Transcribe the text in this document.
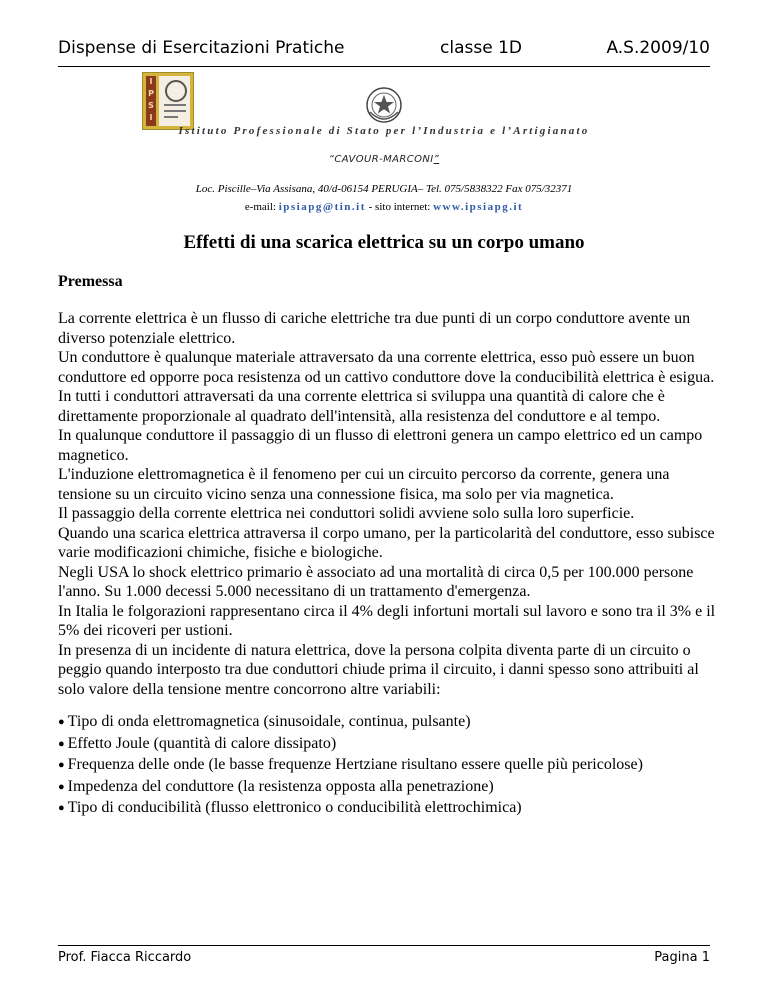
Dispense di Esercitazioni Pratiche	classe 1D	A.S.2009/10
I
P
S
I
Istituto Professionale di Stato per l’Industria e l’Artigianato
“CAVOUR-MARCONI”
Loc. Piscille–Via Assisana, 40/d-06154 PERUGIA– Tel. 075/5838322 Fax 075/32371
e-mail: ipsiapg@tin.it - sito internet: www.ipsiapg.it
Effetti di una scarica elettrica su un corpo umano
Premessa

La corrente elettrica è un flusso di cariche elettriche tra due punti di un corpo conduttore avente un diverso potenziale elettrico.

Un conduttore è qualunque materiale attraversato da una corrente elettrica, esso può essere un buon conduttore ed opporre poca resistenza od un cattivo conduttore dove la conducibilità elettrica è esigua.

In tutti i conduttori attraversati da una corrente elettrica si sviluppa una quantità di calore che è direttamente proporzionale al quadrato dell'intensità, alla resistenza del conduttore e al tempo.

In qualunque conduttore il passaggio di un flusso di elettroni genera un campo elettrico ed un campo magnetico.

L'induzione elettromagnetica è il fenomeno per cui un circuito percorso da corrente, genera una tensione su un circuito vicino senza una connessione fisica, ma solo per via magnetica.

Il passaggio della corrente elettrica nei conduttori solidi avviene solo sulla loro superficie.Quando una scarica elettrica attraversa il corpo umano, per la particolarità del conduttore, esso subisce varie modificazioni chimiche, fisiche e biologiche.

Negli USA lo shock elettrico primario è associato ad una mortalità di circa 0,5 per 100.000 persone l'anno. Su 1.000 decessi 5.000 necessitano di un trattamento d'emergenza.

In Italia le folgorazioni rappresentano circa il 4% degli infortuni mortali sul lavoro e sono tra il 3% e il 5% dei ricoveri per ustioni.

In presenza di un incidente di natura elettrica, dove la persona colpita diventa parte di un circuito o peggio quando interposto tra due conduttori chiude prima il circuito, i danni spesso sono attribuiti al solo valore della tensione mentre concorrono altre variabili:

● Tipo di onda elettromagnetica (sinusoidale, continua, pulsante)
● Effetto Joule (quantità di calore dissipato)
● Frequenza delle onde (le basse frequenze Hertziane risultano essere quelle più pericolose)
● Impedenza del conduttore (la resistenza opposta alla penetrazione)
● Tipo di conducibilità (flusso elettronico o conducibilità elettrochimica)
Prof. Fiacca Riccardo	Pagina 1
